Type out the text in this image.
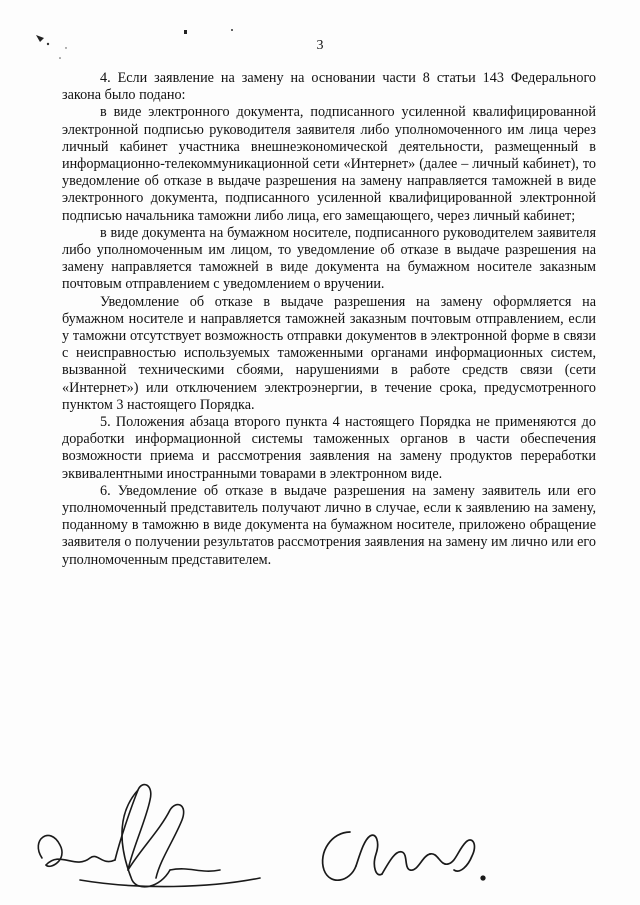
3

4. Если заявление на замену на основании части 8 статьи 143 Федерального закона было подано:

в виде электронного документа, подписанного усиленной квалифицированной электронной подписью руководителя заявителя либо уполномоченного им лица через личный кабинет участника внешнеэкономической деятельности, размещенный в информационно-телекоммуникационной сети «Интернет» (далее – личный кабинет), то уведомление об отказе в выдаче разрешения на замену направляется таможней в виде электронного документа, подписанного усиленной квалифицированной электронной подписью начальника таможни либо лица, его замещающего, через личный кабинет;

в виде документа на бумажном носителе, подписанного руководителем заявителя либо уполномоченным им лицом, то уведомление об отказе в выдаче разрешения на замену направляется таможней в виде документа на бумажном носителе заказным почтовым отправлением с уведомлением о вручении.

Уведомление об отказе в выдаче разрешения на замену оформляется на бумажном носителе и направляется таможней заказным почтовым отправлением, если у таможни отсутствует возможность отправки документов в электронной форме в связи с неисправностью используемых таможенными органами информационных систем, вызванной техническими сбоями, нарушениями в работе средств связи (сети «Интернет») или отключением электроэнергии, в течение срока, предусмотренного пунктом 3 настоящего Порядка.

5. Положения абзаца второго пункта 4 настоящего Порядка не применяются до доработки информационной системы таможенных органов в части обеспечения возможности приема и рассмотрения заявления на замену продуктов переработки эквивалентными иностранными товарами в электронном виде.

6. Уведомление об отказе в выдаче разрешения на замену заявитель или его уполномоченный представитель получают лично в случае, если к заявлению на замену, поданному в таможню в виде документа на бумажном носителе, приложено обращение заявителя о получении результатов рассмотрения заявления на замену им лично или его уполномоченным представителем.
